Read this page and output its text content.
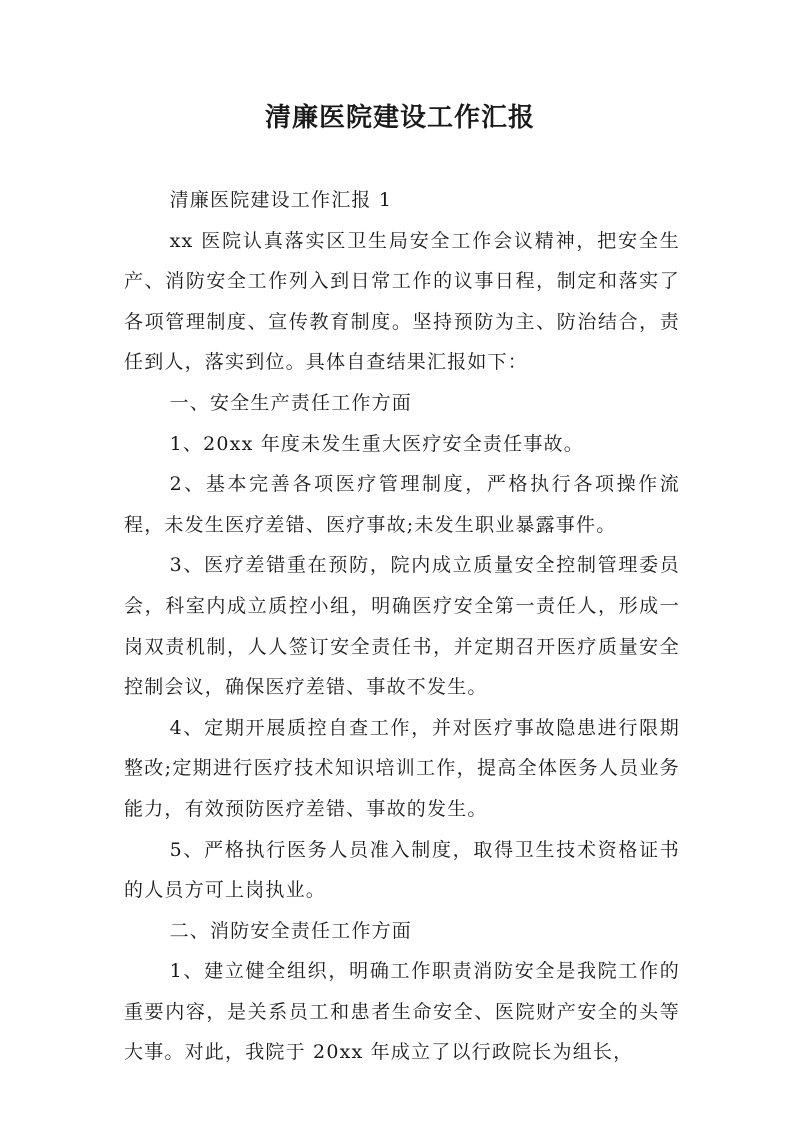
清廉医院建设工作汇报

清廉医院建设工作汇报 1

xx 医院认真落实区卫生局安全工作会议精神，把安全生产、消防安全工作列入到日常工作的议事日程，制定和落实了各项管理制度、宣传教育制度。坚持预防为主、防治结合，责任到人，落实到位。具体自查结果汇报如下：

一、安全生产责任工作方面

1、20xx 年度未发生重大医疗安全责任事故。

2、基本完善各项医疗管理制度，严格执行各项操作流程，未发生医疗差错、医疗事故;未发生职业暴露事件。

3、医疗差错重在预防，院内成立质量安全控制管理委员会，科室内成立质控小组，明确医疗安全第一责任人，形成一岗双责机制，人人签订安全责任书，并定期召开医疗质量安全控制会议，确保医疗差错、事故不发生。

4、定期开展质控自查工作，并对医疗事故隐患进行限期整改;定期进行医疗技术知识培训工作，提高全体医务人员业务能力，有效预防医疗差错、事故的发生。

5、严格执行医务人员准入制度，取得卫生技术资格证书的人员方可上岗执业。

二、消防安全责任工作方面

1、建立健全组织，明确工作职责消防安全是我院工作的重要内容，是关系员工和患者生命安全、医院财产安全的头等大事。对此，我院于 20xx 年成立了以行政院长为组长，
